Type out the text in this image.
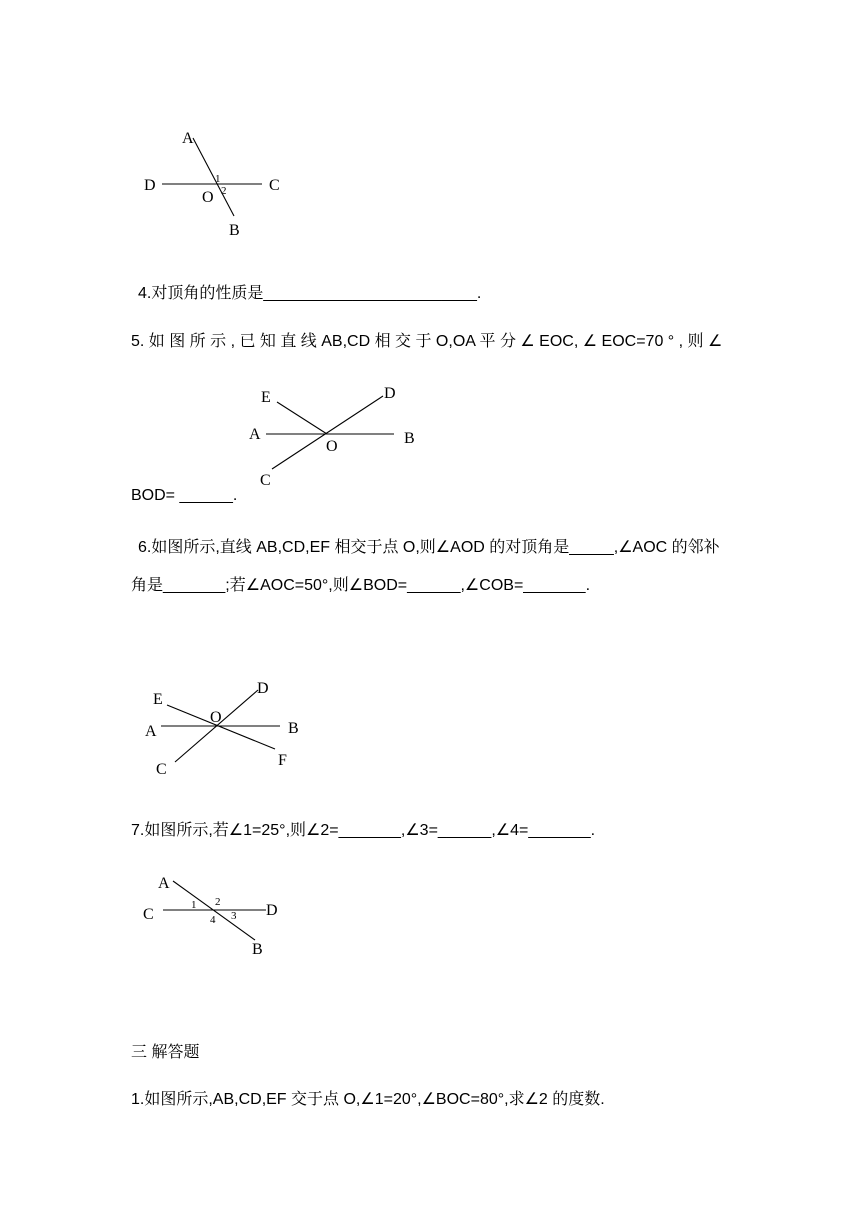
A
D	C
O
B
1
2
4.对顶角的性质是________________________.
5. 如 图 所 示 , 已 知 直 线 AB,CD 相 交 于 O,OA 平 分 ∠ EOC, ∠ EOC=70 ° , 则 ∠
E	D
A
O	B
C
BOD= ______.
6.如图所示,直线 AB,CD,EF 相交于点 O,则∠AOD 的对顶角是_____,∠AOC 的邻补
角是_______;若∠AOC=50°,则∠BOD=______,∠COB=_______.
E
D
O
A	B
F
C
7.如图所示,若∠1=25°,则∠2=_______,∠3=______,∠4=_______.
A
C	D
B
1 2
3
4
三 解答题
1.如图所示,AB,CD,EF 交于点 O,∠1=20°,∠BOC=80°,求∠2 的度数.
